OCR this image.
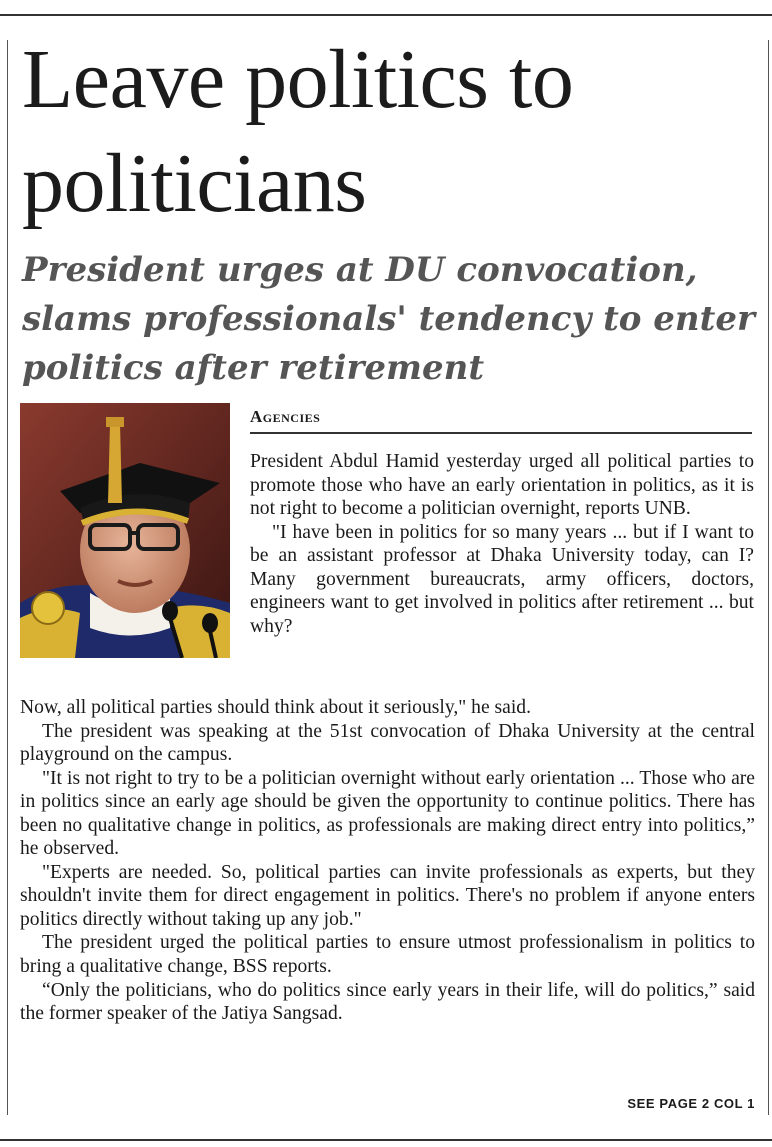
Leave politics to politicians
President urges at DU convocation, slams professionals' tendency to enter politics after retirement
Agencies

President Abdul Hamid yesterday urged all political parties to promote those who have an early orientation in politics, as it is not right to become a politician overnight, reports UNB.

"I have been in politics for so many years ... but if I want to be an assistant professor at Dhaka University today, can I? Many government bureaucrats, army officers, doctors, engineers want to get involved in politics after retirement ... but why?

Now, all political parties should think about it seriously," he said.

The president was speaking at the 51st convocation of Dhaka University at the central playground on the campus.

"It is not right to try to be a politician overnight without early orientation ... Those who are in politics since an early age should be given the opportunity to continue politics. There has been no qualitative change in politics, as professionals are making direct entry into politics,” he observed.

"Experts are needed. So, political parties can invite professionals as experts, but they shouldn't invite them for direct engagement in politics. There's no problem if anyone enters politics directly without taking up any job."

The president urged the political parties to ensure utmost professionalism in politics to bring a qualitative change, BSS reports.

“Only the politicians, who do politics since early years in their life, will do politics,” said the former speaker of the Jatiya Sangsad.

SEE PAGE 2 COL 1
